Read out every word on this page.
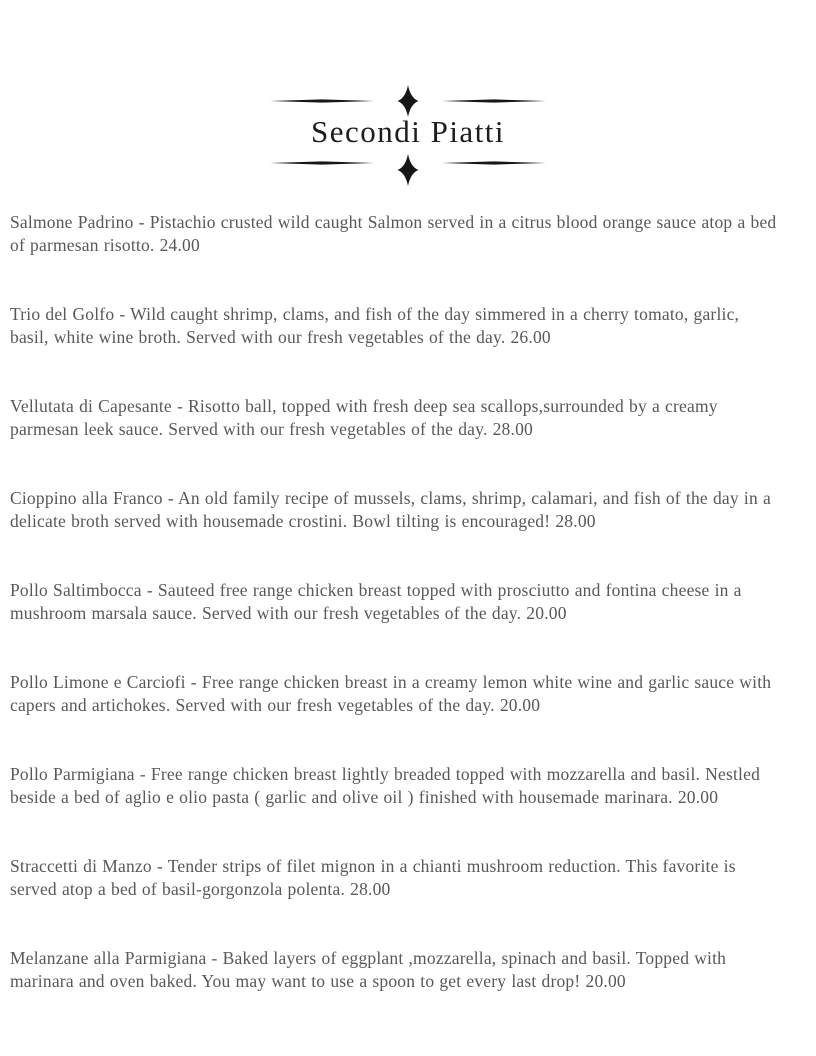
Secondi Piatti

Salmone Padrino - Pistachio crusted wild caught Salmon served in a citrus blood orange sauce atop a bed of parmesan risotto. 24.00

Trio del Golfo - Wild caught shrimp, clams, and fish of the day simmered in a cherry tomato, garlic, basil, white wine broth. Served with our fresh vegetables of the day. 26.00

Vellutata di Capesante - Risotto ball, topped with fresh deep sea scallops,surrounded by a creamy parmesan leek sauce. Served with our fresh vegetables of the day. 28.00

Cioppino alla Franco - An old family recipe of mussels, clams, shrimp, calamari, and fish of the day in a delicate broth served with housemade crostini. Bowl tilting is encouraged! 28.00

Pollo Saltimbocca - Sauteed free range chicken breast topped with prosciutto and fontina cheese in a mushroom marsala sauce. Served with our fresh vegetables of the day. 20.00

Pollo Limone e Carciofi - Free range chicken breast in a creamy lemon white wine and garlic sauce with capers and artichokes. Served with our fresh vegetables of the day. 20.00

Pollo Parmigiana - Free range chicken breast lightly breaded topped with mozzarella and basil. Nestled beside a bed of aglio e olio pasta ( garlic and olive oil ) finished with housemade marinara. 20.00

Straccetti di Manzo - Tender strips of filet mignon in a chianti mushroom reduction. This favorite is served atop a bed of basil-gorgonzola polenta. 28.00

Melanzane alla Parmigiana - Baked layers of eggplant ,mozzarella, spinach and basil. Topped with marinara and oven baked. You may want to use a spoon to get every last drop! 20.00
